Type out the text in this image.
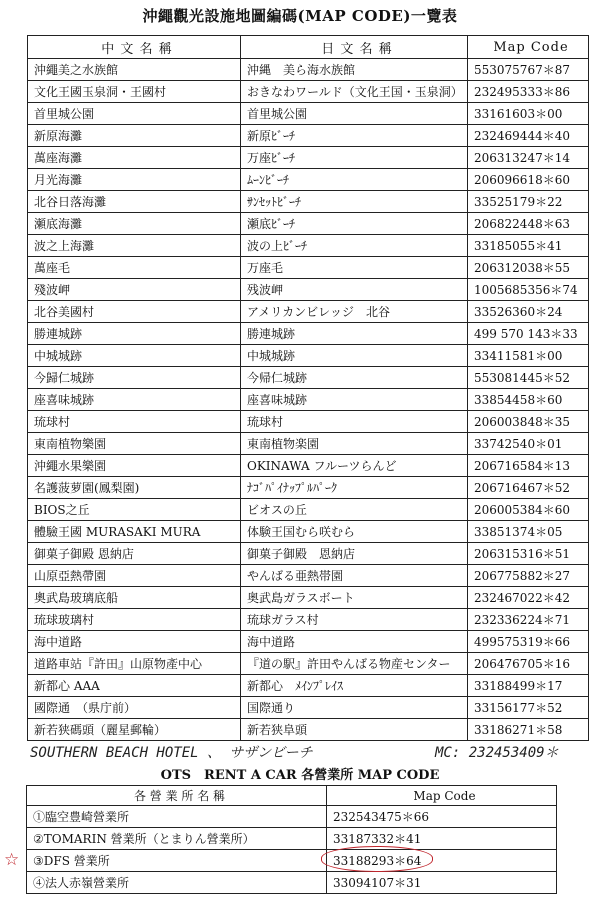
沖繩觀光設施地圖編碼(MAP CODE)一覽表
中 文 名 稱	日 文 名 稱	Map Code
沖繩美之水族館	沖縄　美ら海水族館	553075767＊87
文化王國玉泉洞・王國村	おきなわワールド（文化王国・玉泉洞）	232495333＊86
首里城公園	首里城公園	33161603＊00
新原海灘	新原ﾋﾞｰﾁ	232469444＊40
萬座海灘	万座ﾋﾞｰﾁ	206313247＊14
月光海灘	ﾑｰﾝﾋﾞｰﾁ	206096618＊60
北谷日落海灘	ｻﾝｾｯﾄﾋﾞｰﾁ	33525179＊22
瀬底海灘	瀬底ﾋﾞｰﾁ	206822448＊63
波之上海灘	波の上ﾋﾞｰﾁ	33185055＊41
萬座毛	万座毛	206312038＊55
殘波岬	残波岬	1005685356＊74
北谷美國村	アメリカンビレッジ　北谷	33526360＊24
勝連城跡	勝連城跡	499 570 143＊33
中城城跡	中城城跡	33411581＊00
今歸仁城跡	今帰仁城跡	553081445＊52
座喜味城跡	座喜味城跡	33854458＊60
琉球村	琉球村	206003848＊35
東南植物樂園	東南植物楽園	33742540＊01
沖繩水果樂園	OKINAWA フルーツらんど	206716584＊13
名護菠萝園(鳳梨園)	ﾅｺﾞﾊﾟｲﾅｯﾌﾟﾙﾊﾟｰｸ	206716467＊52
BIOS之丘	ビオスの丘	206005384＊60
體驗王國 MURASAKI MURA	体験王国むら咲むら	33851374＊05
御菓子御殿 恩納店	御菓子御殿　恩納店	206315316＊51
山原亞熱帶園	やんばる亜熱帯園	206775882＊27
奧武島玻璃底船	奥武島ガラスボート	232467022＊42
琉球玻璃村	琉球ガラス村	232336224＊71
海中道路	海中道路	499575319＊66
道路車站『許田』山原物產中心	『道の駅』許田やんばる物産センター	206476705＊16
新都心 AAA	新都心　ﾒｲﾝﾌﾟﾚｲｽ	33188499＊17
國際通　（県庁前）	国際通り	33156177＊52
新若狭碼頭（麗星郵輪）	新若狭阜頭	33186271＊58
SOUTHERN BEACH HOTEL 、 サザンビーチ	MC: 232453409＊
OTS　RENT A CAR 各營業所 MAP CODE
各 營 業 所 名 稱	Map Code
①臨空豊崎營業所	232543475＊66
②TOMARIN 營業所（とまりん營業所）	33187332＊41
③DFS 營業所	33188293＊64
④法人赤嶺營業所	33094107＊31
☆
